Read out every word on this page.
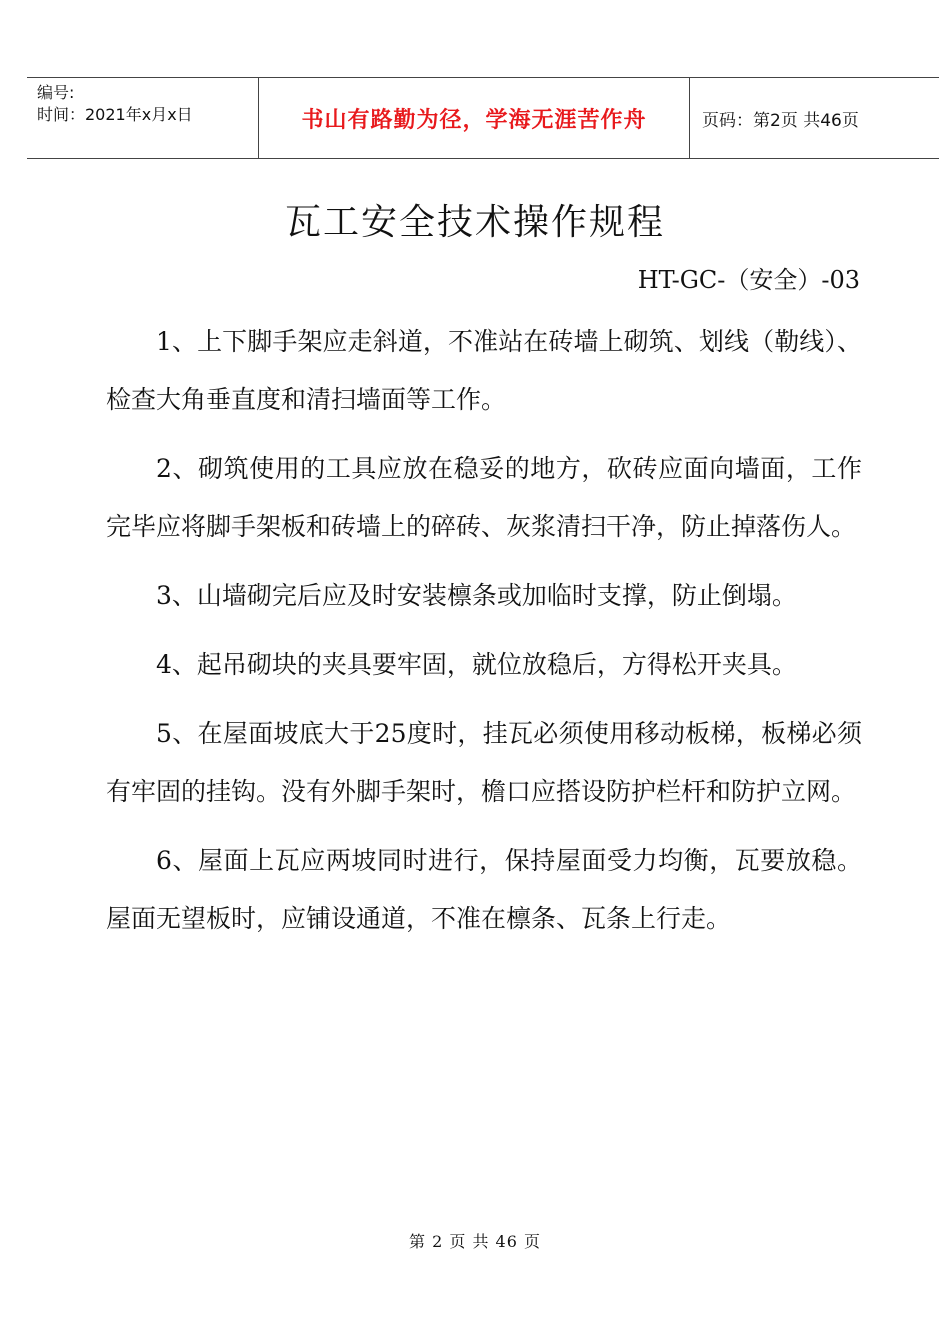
编号:
时间：2021年x月x日	书山有路勤为径，学海无涯苦作舟	页码：第2页 共46页
瓦工安全技术操作规程
HT-GC-（安全）-03

1、上下脚手架应走斜道，不准站在砖墙上砌筑、划线（勒线）、检查大角垂直度和清扫墙面等工作。

2、砌筑使用的工具应放在稳妥的地方，砍砖应面向墙面，工作完毕应将脚手架板和砖墙上的碎砖、灰浆清扫干净，防止掉落伤人。

3、山墙砌完后应及时安装檩条或加临时支撑，防止倒塌。

4、起吊砌块的夹具要牢固，就位放稳后，方得松开夹具。

5、在屋面坡底大于25度时，挂瓦必须使用移动板梯，板梯必须有牢固的挂钩。没有外脚手架时，檐口应搭设防护栏杆和防护立网。

6、屋面上瓦应两坡同时进行，保持屋面受力均衡，瓦要放稳。屋面无望板时，应铺设通道，不准在檩条、瓦条上行走。

第 2 页 共 46 页
